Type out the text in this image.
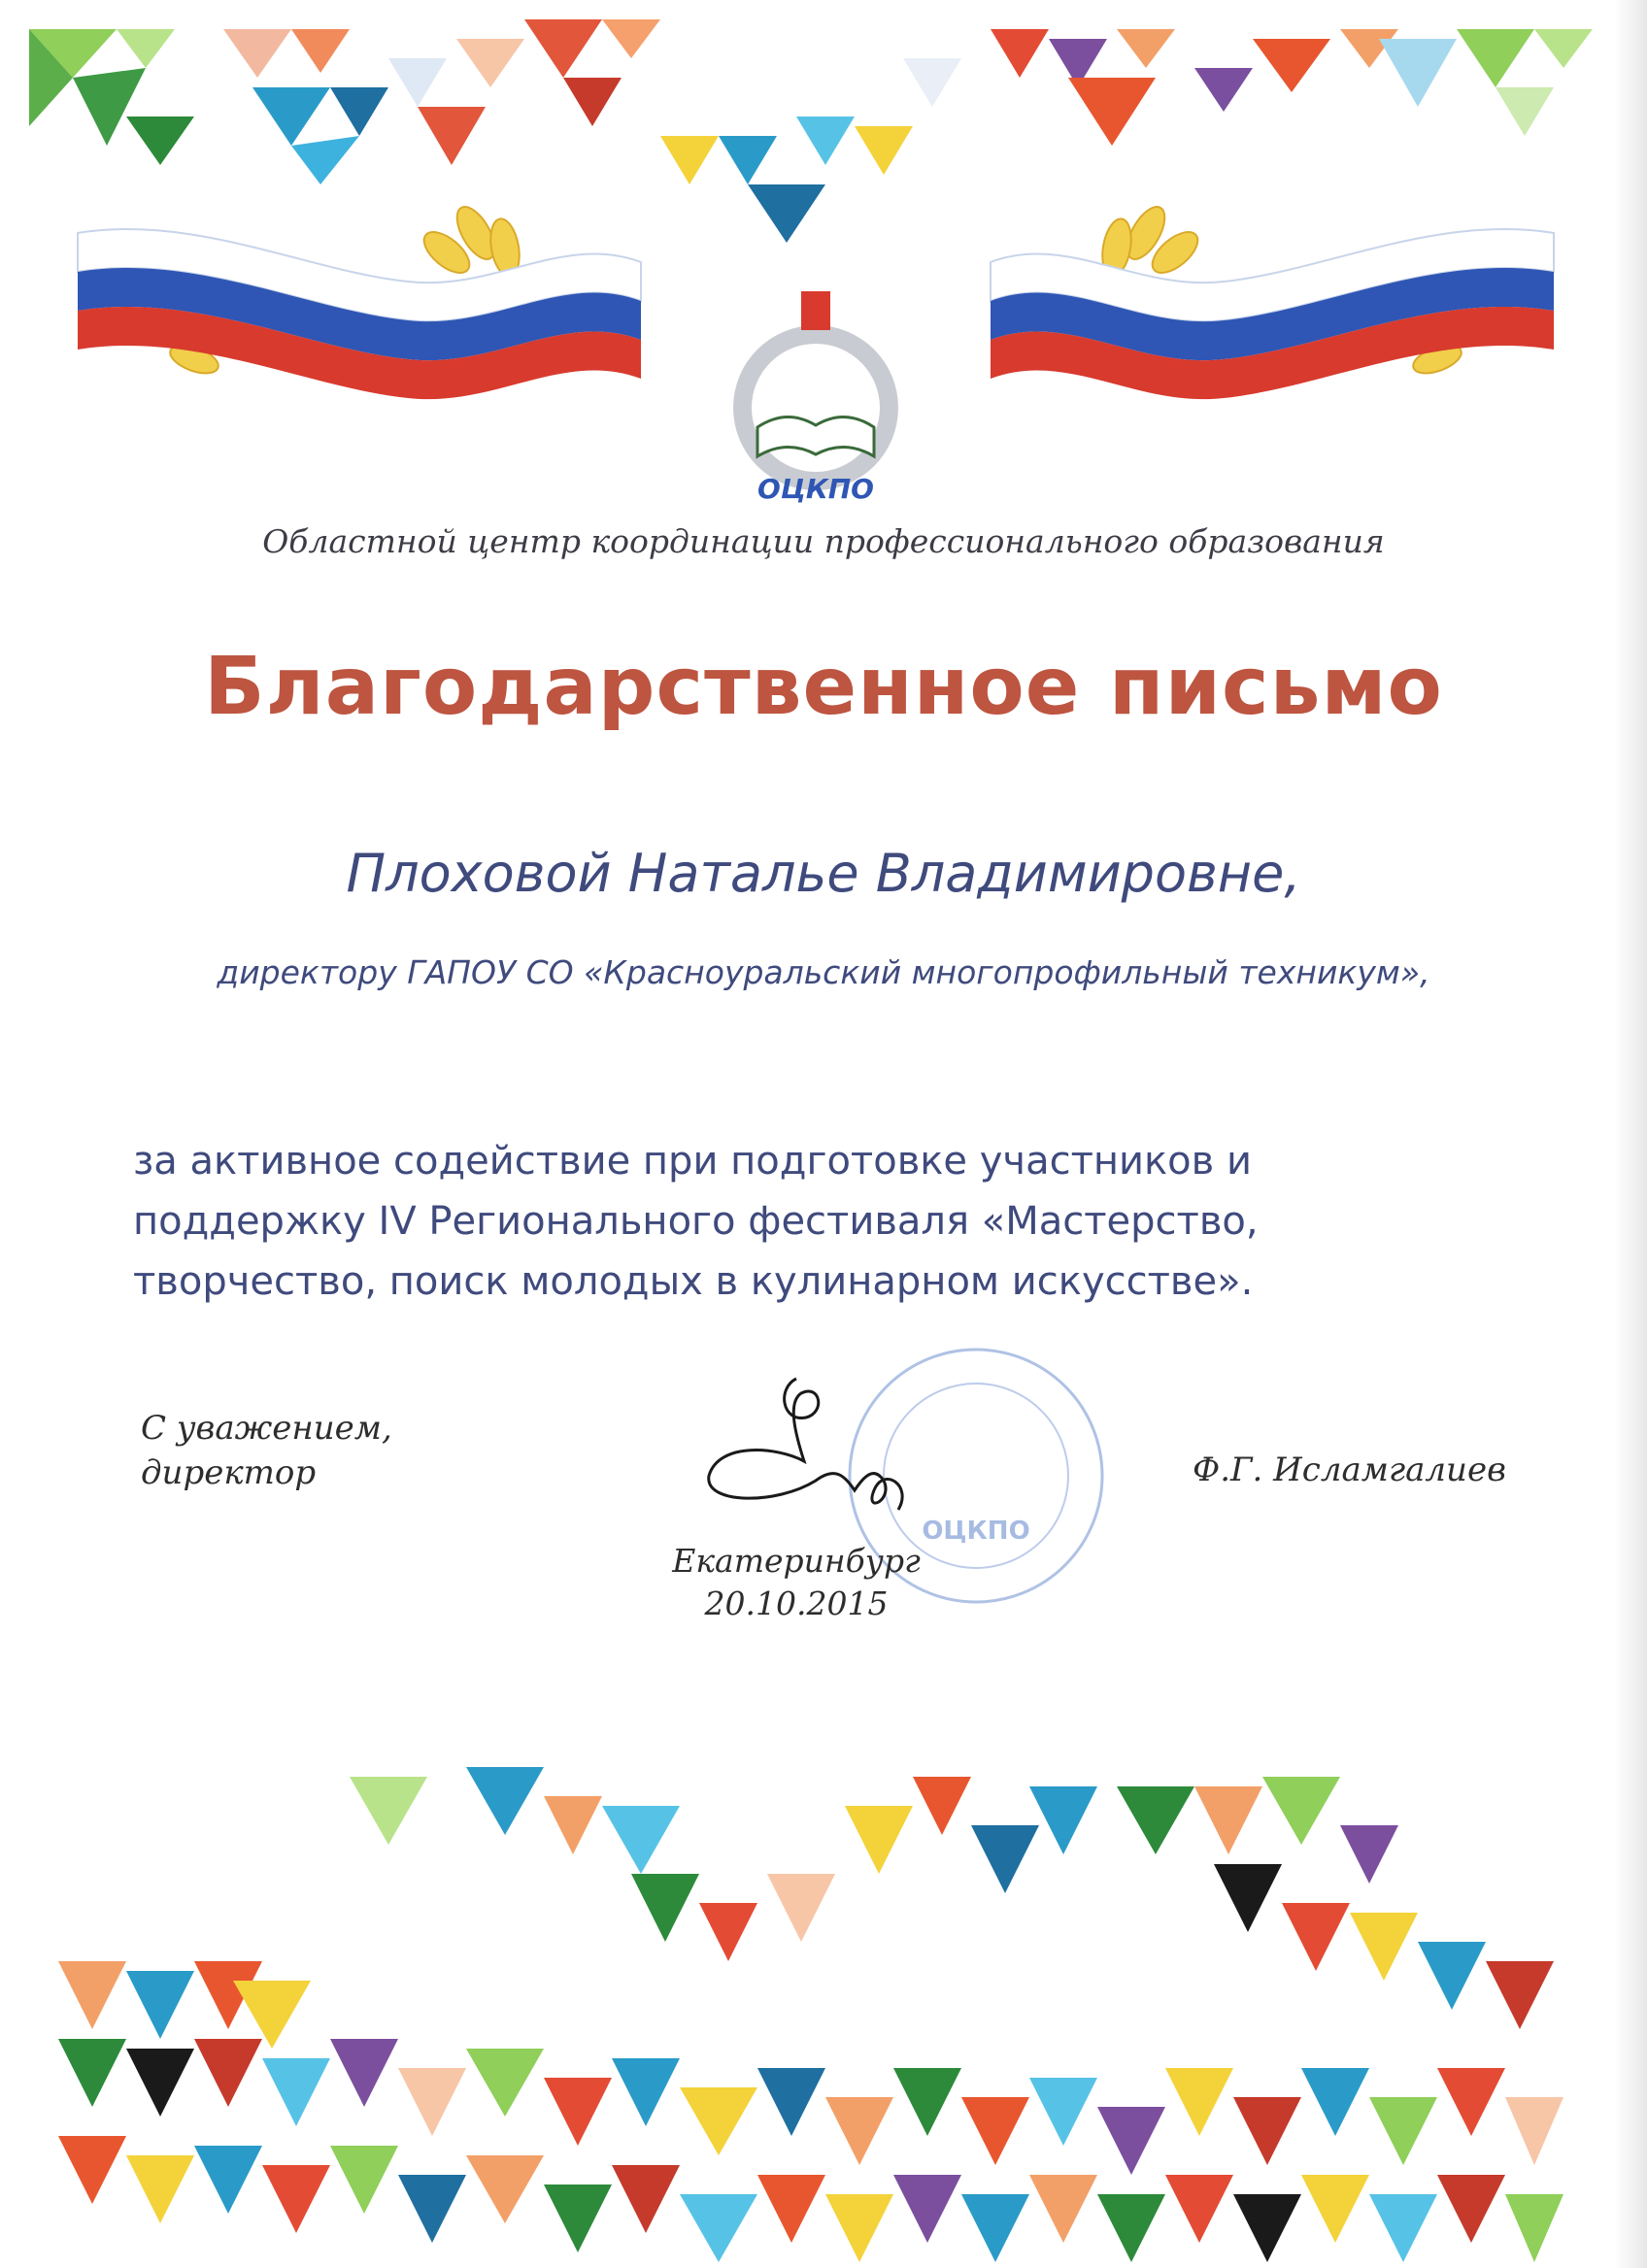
ОЦКПО
Областной центр координации профессионального образования
Благодарственное письмо
Плоховой Наталье Владимировне,
директору ГАПОУ СО «Красноуральский многопрофильный техникум»,
за активное содействие при подготовке участников и
поддержку IV Регионального фестиваля «Мастерство,
творчество, поиск молодых в кулинарном искусстве».
ОЦКПО
С уважением,
директор	Ф.Г. Исламгалиев
Екатеринбург
20.10.2015
